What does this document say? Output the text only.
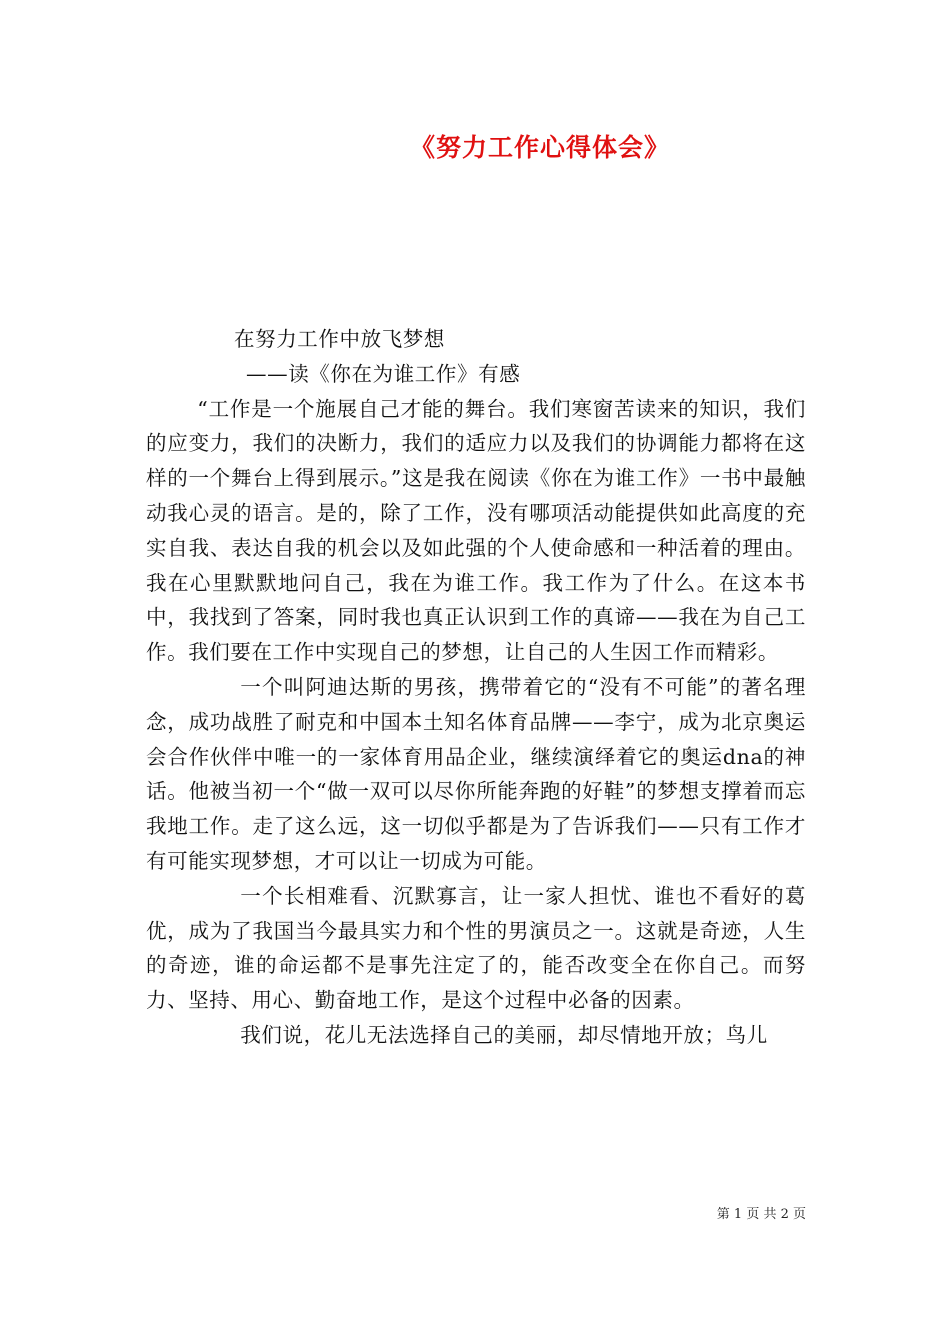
《努力工作心得体会》

在努力工作中放飞梦想

——读《你在为谁工作》有感

“工作是一个施展自己才能的舞台。我们寒窗苦读来的知识，我们的应变力，我们的决断力，我们的适应力以及我们的协调能力都将在这样的一个舞台上得到展示。”这是我在阅读《你在为谁工作》一书中最触动我心灵的语言。是的，除了工作，没有哪项活动能提供如此高度的充实自我、表达自我的机会以及如此强的个人使命感和一种活着的理由。我在心里默默地问自己，我在为谁工作。我工作为了什么。在这本书中，我找到了答案，同时我也真正认识到工作的真谛——我在为自己工作。我们要在工作中实现自己的梦想，让自己的人生因工作而精彩。

一个叫阿迪达斯的男孩，携带着它的“没有不可能”的著名理念，成功战胜了耐克和中国本土知名体育品牌——李宁，成为北京奥运会合作伙伴中唯一的一家体育用品企业，继续演绎着它的奥运dna的神话。他被当初一个“做一双可以尽你所能奔跑的好鞋”的梦想支撑着而忘我地工作。走了这么远，这一切似乎都是为了告诉我们——只有工作才有可能实现梦想，才可以让一切成为可能。

一个长相难看、沉默寡言，让一家人担忧、谁也不看好的葛优，成为了我国当今最具实力和个性的男演员之一。这就是奇迹，人生的奇迹，谁的命运都不是事先注定了的，能否改变全在你自己。而努力、坚持、用心、勤奋地工作，是这个过程中必备的因素。

我们说，花儿无法选择自己的美丽，却尽情地开放；鸟儿

第 1 页 共 2 页
